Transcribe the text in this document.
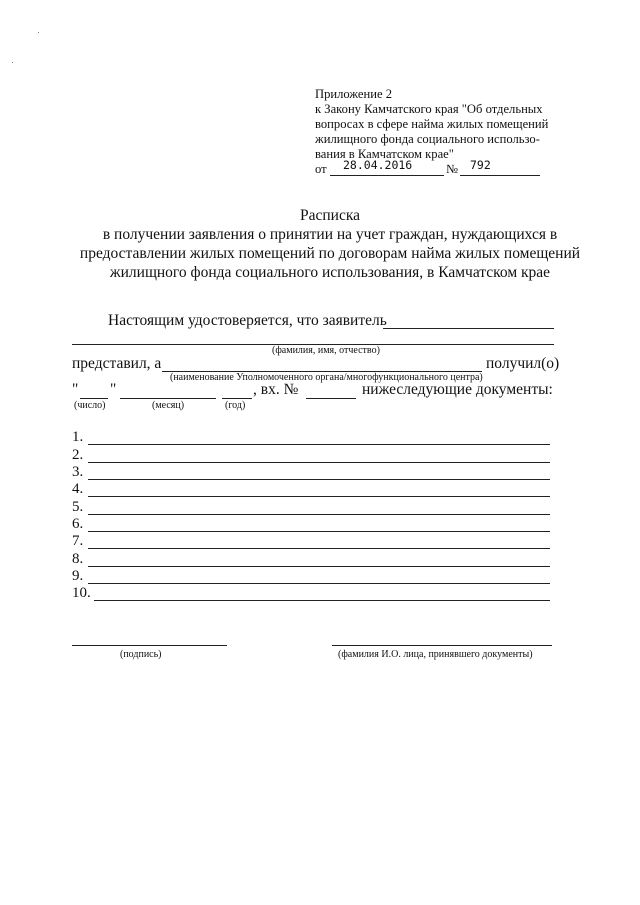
Приложение 2
к Закону Камчатского края "Об отдельных
вопросах в сфере найма жилых помещений
жилищного фонда социального использо-
вания в Камчатском крае"
от 28.04.2016	№ 792
Расписка
в получении заявления о принятии на учет граждан, нуждающихся в
предоставлении жилых помещений по договорам найма жилых помещений
жилищного фонда социального использования, в Камчатском крае
Настоящим удостоверяется, что заявитель
(фамилия, имя, отчество)
представил, а	получил(о)
(наименование Уполномоченного органа/многофункционального центра)
" "	, вх. №	нижеследующие документы:
(число)	(месяц)	(год)
1.
2.
3.
4.
5.
6.
7.
8.
9.
10.
(подпись)	(фамилия И.О. лица, принявшего документы)
